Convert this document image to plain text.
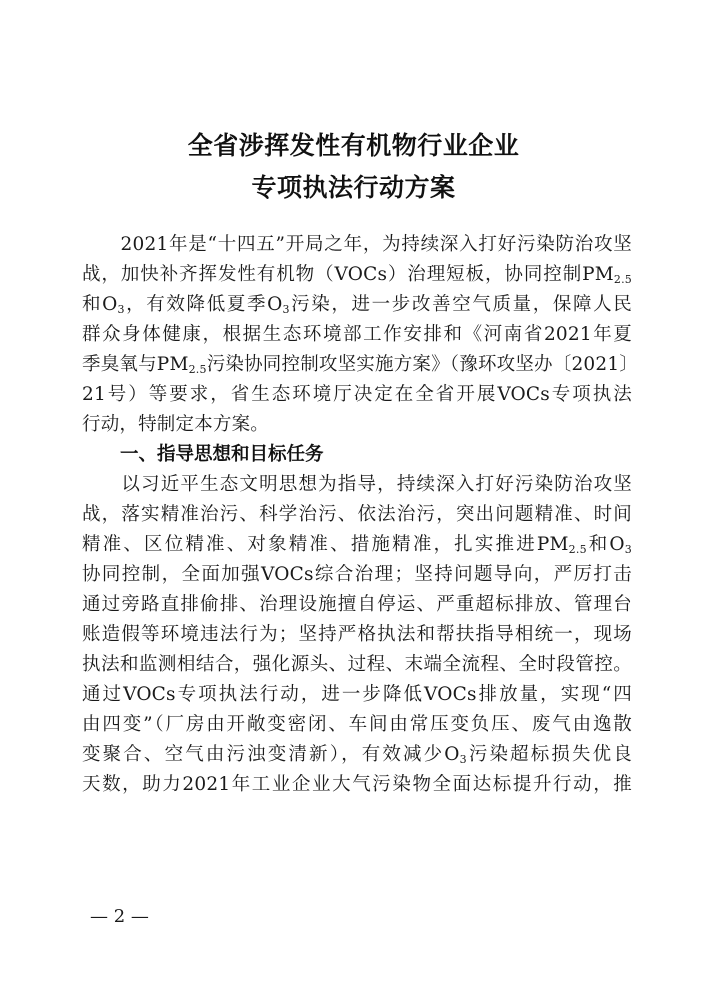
全省涉挥发性有机物行业企业
专项执法行动方案
　　2021年是“十四五”开局之年，为持续深入打好污染防治攻坚
战，加快补齐挥发性有机物（VOCs）治理短板，协同控制$PM_{2.5}$
和$O_3$，有效降低夏季$O_3$污染，进一步改善空气质量，保障人民
群众身体健康，根据生态环境部工作安排和《河南省2021年夏
季臭氧与$PM_{2.5}$污染协同控制攻坚实施方案》（豫环攻坚办〔2021〕
21号）等要求，省生态环境厅决定在全省开展VOCs专项执法
行动，特制定本方案。
一、指导思想和目标任务
　　以习近平生态文明思想为指导，持续深入打好污染防治攻坚
战，落实精准治污、科学治污、依法治污，突出问题精准、时间
精准、区位精准、对象精准、措施精准，扎实推进$PM_{2.5}$和$O_3$
协同控制，全面加强VOCs综合治理；坚持问题导向，严厉打击
通过旁路直排偷排、治理设施擅自停运、严重超标排放、管理台
账造假等环境违法行为；坚持严格执法和帮扶指导相统一，现场
执法和监测相结合，强化源头、过程、末端全流程、全时段管控。
通过VOCs专项执法行动，进一步降低VOCs排放量，实现“四
由四变”（厂房由开敞变密闭、车间由常压变负压、废气由逸散
变聚合、空气由污浊变清新），有效减少$O_3$污染超标损失优良
天数，助力2021年工业企业大气污染物全面达标提升行动，推
— 2 —
